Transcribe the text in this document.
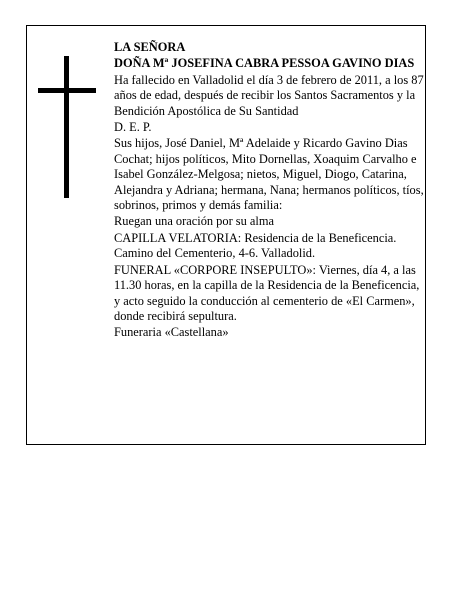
LA SEÑORA

DOÑA Mª JOSEFINA CABRA PESSOA GAVINO DIAS

Ha fallecido en Valladolid el día 3 de febrero de 2011, a los 87 años de edad, después de recibir los Santos Sacramentos y la Bendición Apostólica de Su Santidad

D. E. P.

Sus hijos, José Daniel, Mª Adelaide y Ricardo Gavino Dias Cochat; hijos políticos, Mito Dornellas, Xoaquim Carvalho e Isabel González-Melgosa; nietos, Miguel, Diogo, Catarina, Alejandra y Adriana; hermana, Nana; hermanos políticos, tíos, sobrinos, primos y demás familia:

Ruegan una oración por su alma

CAPILLA VELATORIA: Residencia de la Beneficencia. Camino del Cementerio, 4-6. Valladolid.

FUNERAL «CORPORE INSEPULTO»: Viernes, día 4, a las 11.30 horas, en la capilla de la Residencia de la Beneficencia, y acto seguido la conducción al cementerio de «El Carmen», donde recibirá sepultura.

Funeraria «Castellana»
